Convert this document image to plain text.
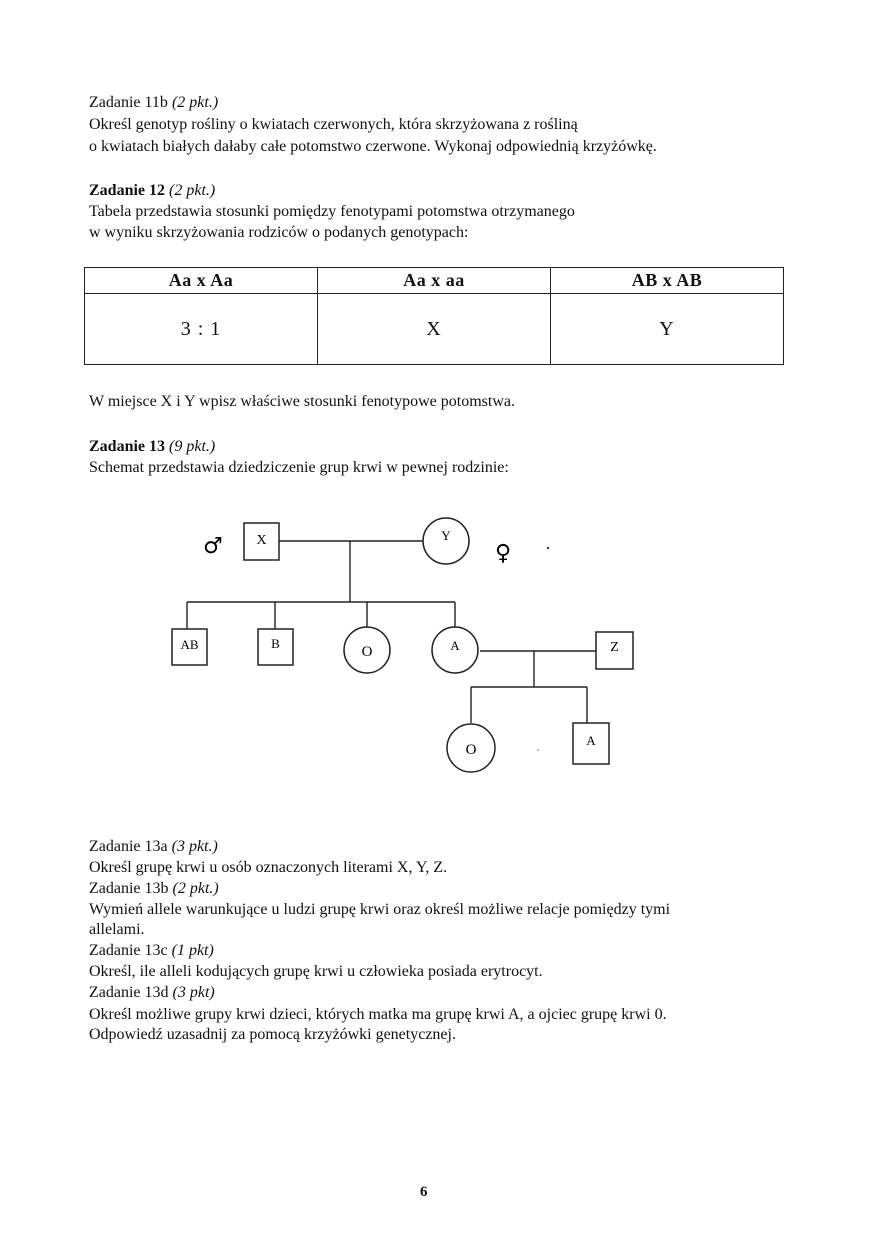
Zadanie 11b (2 pkt.)
Określ genotyp rośliny o kwiatach czerwonych, która skrzyżowana z rośliną
o kwiatach białych dałaby całe potomstwo czerwone. Wykonaj odpowiednią krzyżówkę.
Zadanie 12 (2 pkt.)
Tabela przedstawia stosunki pomiędzy fenotypami potomstwa otrzymanego
w wyniku skrzyżowania rodziców o podanych genotypach:
Aa x Aa	Aa x aa	AB x AB
3 : 1	X	Y
W miejsce X i Y wpisz właściwe stosunki fenotypowe potomstwa.
Zadanie 13 (9 pkt.)
Schemat przedstawia dziedziczenie grup krwi w pewnej rodzinie:
X
♂	Y
♀
AB	B
O	A	Z
O
A
Zadanie 13a (3 pkt.)
Określ grupę krwi u osób oznaczonych literami X, Y, Z.
Zadanie 13b (2 pkt.)
Wymień allele warunkujące u ludzi grupę krwi oraz określ możliwe relacje pomiędzy tymi
allelami.
Zadanie 13c (1 pkt)
Określ, ile alleli kodujących grupę krwi u człowieka posiada erytrocyt.
Zadanie 13d (3 pkt)
Określ możliwe grupy krwi dzieci, których matka ma grupę krwi A, a ojciec grupę krwi 0.
Odpowiedź uzasadnij za pomocą krzyżówki genetycznej.
6
